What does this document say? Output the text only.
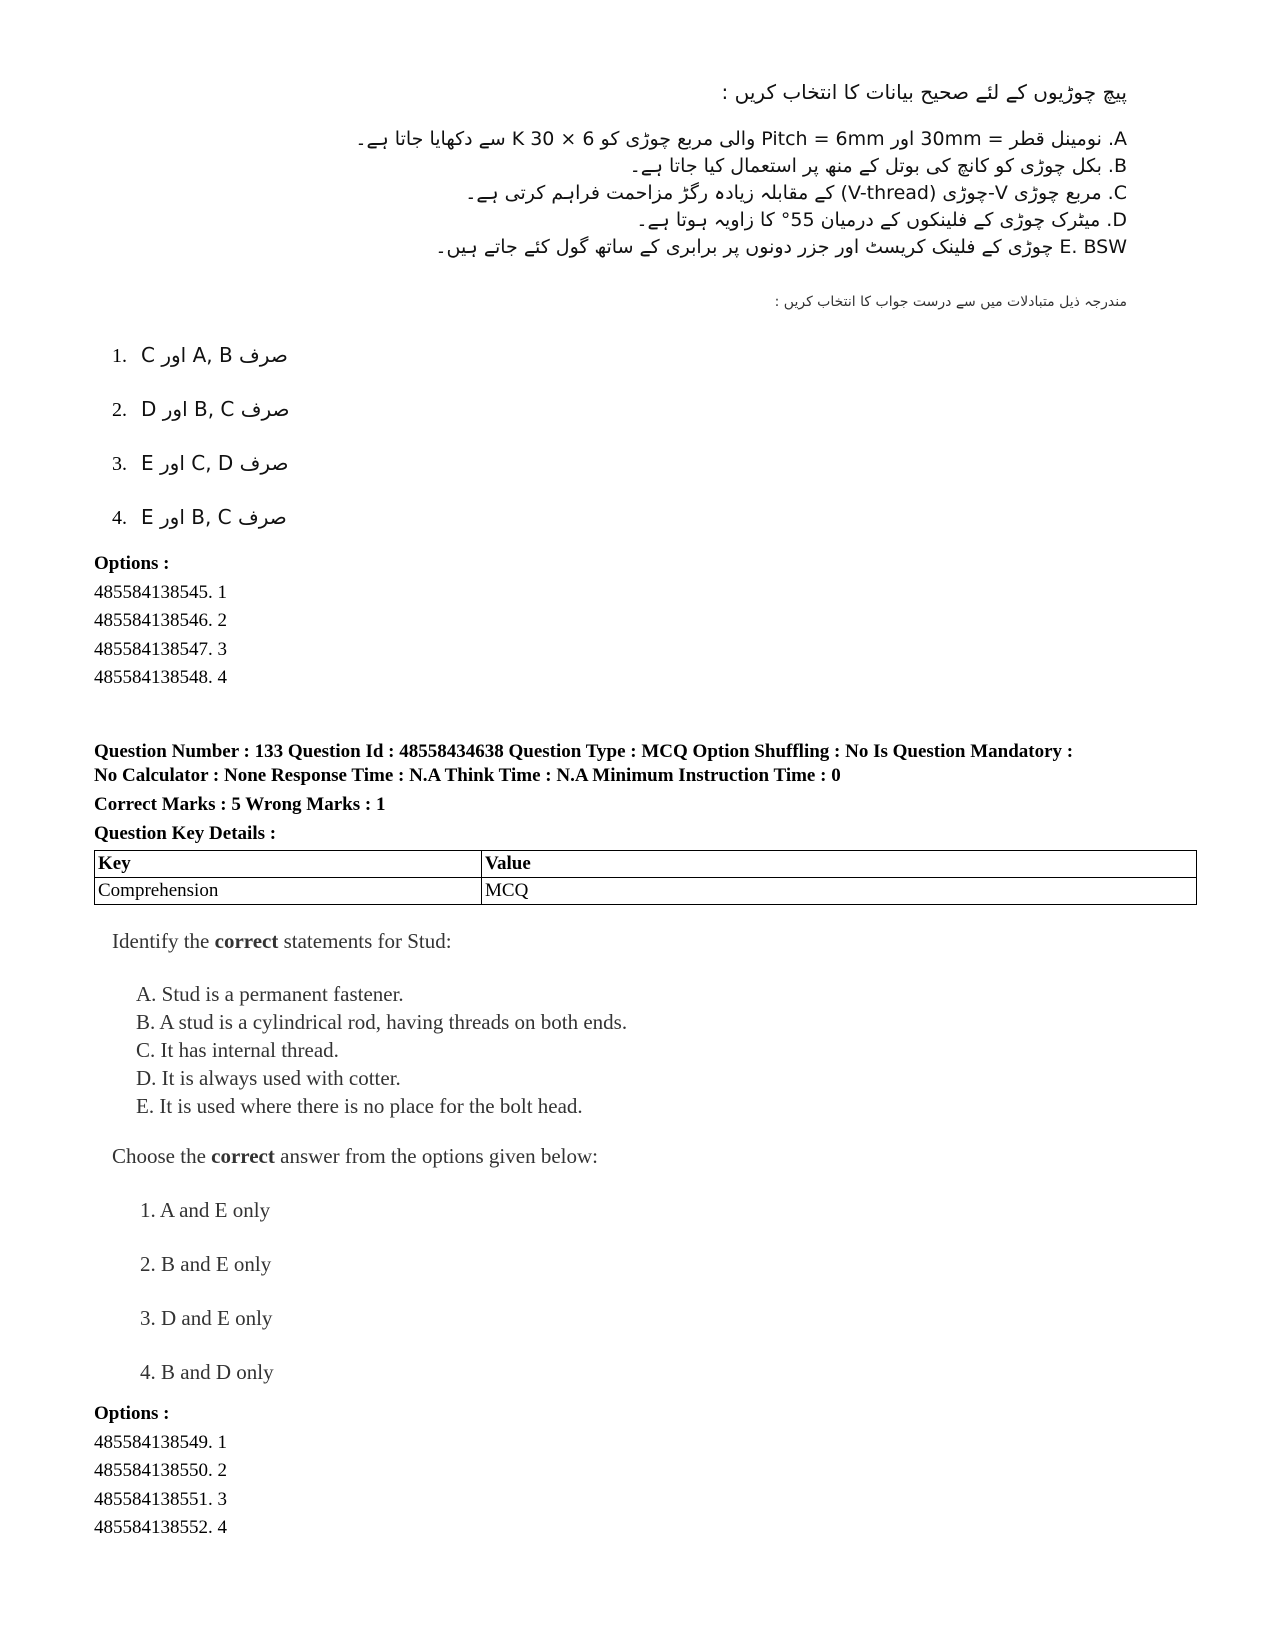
پیچ چوڑیوں کے لئے صحیح بیانات کا انتخاب کریں :
A. نومینل قطر = 30mm اور Pitch = 6mm والی مربع چوڑی کو K 30 × 6 سے دکھایا جاتا ہے۔
B. بکل چوڑی کو کانچ کی بوتل کے منھ پر استعمال کیا جاتا ہے۔
C. مربع چوڑی V-چوڑی (V-thread) کے مقابلہ زیادہ رگڑ مزاحمت فراہم کرتی ہے۔
D. میٹرک چوڑی کے فلینکوں کے درمیان 55° کا زاویہ ہوتا ہے۔
E. BSW چوڑی کے فلینک کریسٹ اور جزر دونوں پر برابری کے ساتھ گول کئے جاتے ہیں۔
مندرجہ ذیل متبادلات میں سے درست جواب کا انتخاب کریں :
1. صرف A, B اور C
2. صرف B, C اور D
3. صرف C, D اور E
4. صرف B, C اور E
Options :
485584138545. 1
485584138546. 2
485584138547. 3
485584138548. 4
Question Number : 133 Question Id : 48558434638 Question Type : MCQ Option Shuffling : No Is Question Mandatory :
No Calculator : None Response Time : N.A Think Time : N.A Minimum Instruction Time : 0
Correct Marks : 5 Wrong Marks : 1
Question Key Details :
Key	Value
Comprehension	MCQ
Identify the correct statements for Stud:
A. Stud is a permanent fastener.
B. A stud is a cylindrical rod, having threads on both ends.
C. It has internal thread.
D. It is always used with cotter.
E. It is used where there is no place for the bolt head.
Choose the correct answer from the options given below:
1. A and E only
2. B and E only
3. D and E only
4. B and D only
Options :
485584138549. 1
485584138550. 2
485584138551. 3
485584138552. 4
